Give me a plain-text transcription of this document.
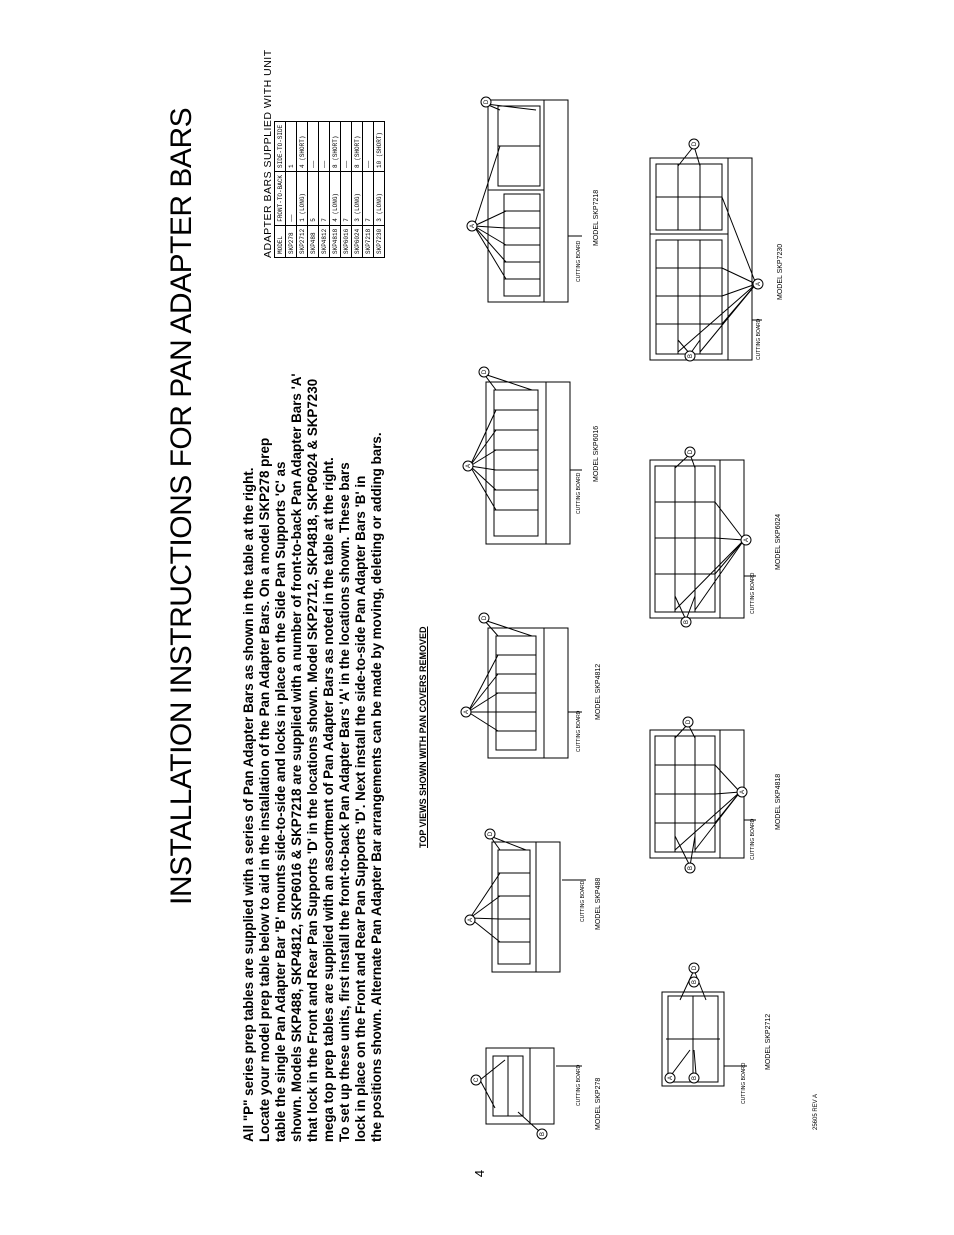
INSTALLATION INSTRUCTIONS FOR PAN ADAPTER BARS	All "P" series prep tables are supplied with a series of Pan Adapter Bars as shown in the table at the right. Locate your model prep table below to aid in the installation of the Pan Adapter Bars. On a model SKP278 prep table the single Pan Adapter Bar 'B' mounts side-to-side and locks in place on the Side Pan Supports 'C' as shown. Models SKP488, SKP4812, SKP6016 & SKP7218 are supplied with a number of front-to-back Pan Adapter Bars 'A' that lock in the Front and Rear Pan Supports 'D' in the locations shown. Model SKP2712, SKP4818, SKP6024 & SKP7230 mega top prep tables are supplied with an assortment of Pan Adapter Bars as noted in the table at the right. To set up these units, first install the front-to-back Pan Adapter Bars 'A' in the locations shown. These bars lock in place on the Front and Rear Pan Supports 'D'. Next install the side-to-side Pan Adapter Bars 'B' in the positions shown. Alternate Pan Adapter Bar arrangements can be made by moving, deleting or adding bars.	TOP VIEWS SHOWN WITH PAN COVERS REMOVED
ADAPTER BARS SUPPLIED WITH UNIT MODEL	FRONT-TO-BACK	SIDE-TO-SIDE
SKP278	——	1
SKP2712	1 (LONG)	4 (SHORT)
SKP488	5	——
SKP4812	7	——
SKP4818	4 (LONG)	8 (SHORT)
SKP6016	7	——
SKP6024	3 (LONG)	8 (SHORT)
SKP7218	7	——
SKP7230	3 (LONG)	10 (SHORT)
C
B
A	B
D
B
A
D
A
D
A
D
A
D
A
D
B
A
D
B
A
D
B
MODEL SKP278
MODEL SKP2712
MODEL SKP488
MODEL SKP4812
MODEL SKP4818
MODEL SKP6016
MODEL SKP6024
MODEL SKP7218
MODEL SKP7230
CUTTING BOARD	CUTTING BOARD
CUTTING BOARD
CUTTING BOARD
CUTTING BOARD
CUTTING BOARD
CUTTING BOARD
CUTTING BOARD
CUTTING BOARD
25605 REV A
4
